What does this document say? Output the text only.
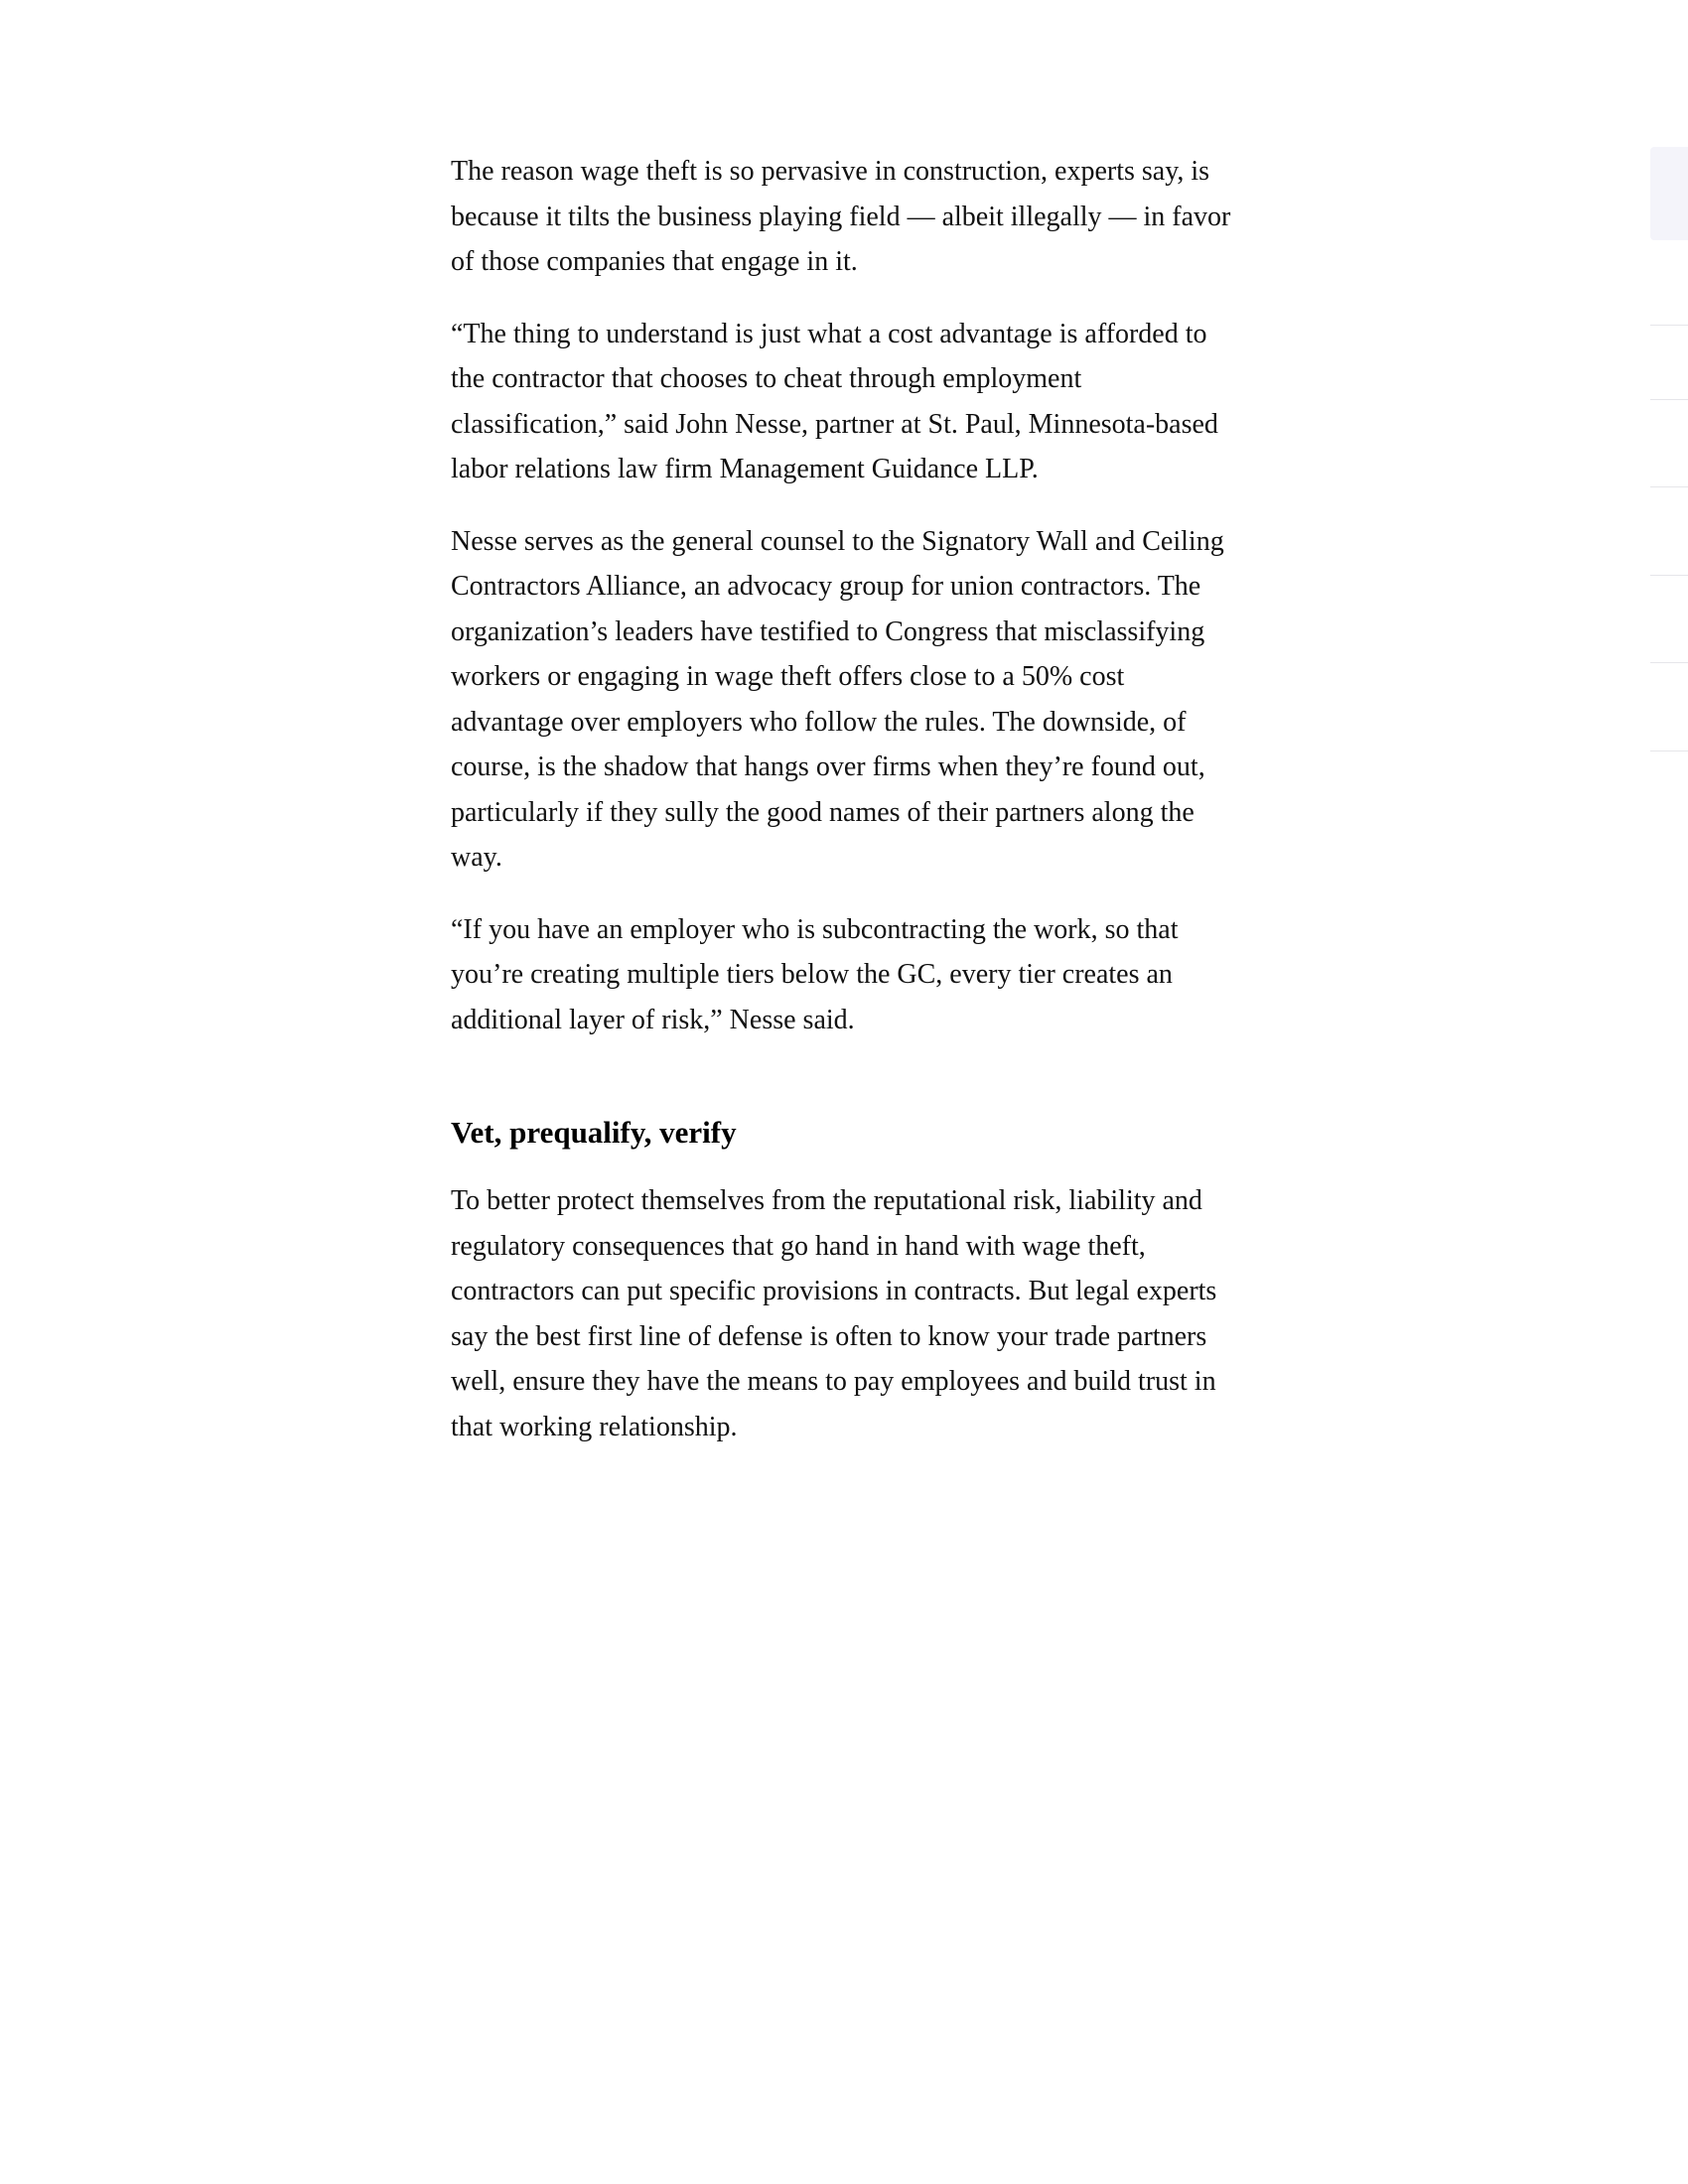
The reason wage theft is so pervasive in construction, experts say, is because it tilts the business playing field — albeit illegally — in favor of those companies that engage in it.

“The thing to understand is just what a cost advantage is afforded to the contractor that chooses to cheat through employment classification,” said John Nesse, partner at St. Paul, Minnesota-based labor relations law firm Management Guidance LLP.

Nesse serves as the general counsel to the Signatory Wall and Ceiling Contractors Alliance, an advocacy group for union contractors. The organization’s leaders have testified to Congress that misclassifying workers or engaging in wage theft offers close to a 50% cost advantage over employers who follow the rules. The downside, of course, is the shadow that hangs over firms when they’re found out, particularly if they sully the good names of their partners along the way.

“If you have an employer who is subcontracting the work, so that you’re creating multiple tiers below the GC, every tier creates an additional layer of risk,” Nesse said.

Vet, prequalify, verify

To better protect themselves from the reputational risk, liability and regulatory consequences that go hand in hand with wage theft, contractors can put specific provisions in contracts. But legal experts say the best first line of defense is often to know your trade partners well, ensure they have the means to pay employees and build trust in that working relationship.
